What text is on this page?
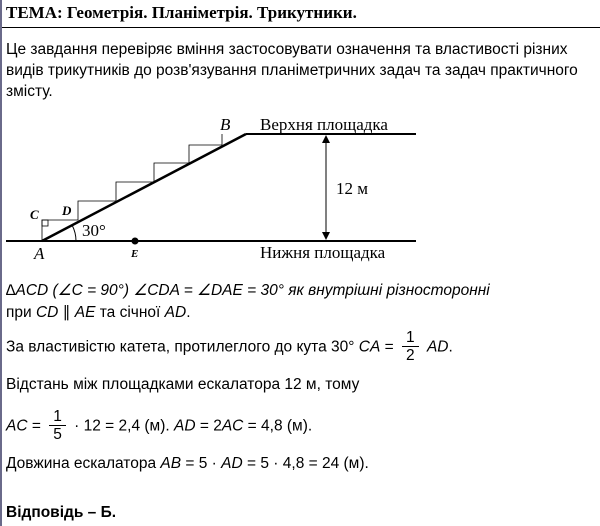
ТЕМА: Геометрія. Планіметрія. Трикутники.
Це завдання перевіряє вміння застосовувати означення та властивості різних видів трикутників до розв'язування планіметричних задач та задач практичного змісту.
B
A
C D
E
30°
Верхня площадка
Нижня площадка
12 м
∆ACD (∠C = 90°) ∠CDA = ∠DAE = 30° як внутрішні різносторонні
при CD ∥ AE та січної AD.
За властивістю катета, протилеглого до кута 30° CA = $\frac{1}{2}$ AD.
Відстань між площадками ескалатора 12 м, тому
AC = $\frac{1}{5} \cdot 12 = 2,4$ (м). AD = 2AC = 4,8 (м).
Довжина ескалатора AB = 5 · AD = 5 · 4,8 = 24 (м).
Відповідь – Б.
